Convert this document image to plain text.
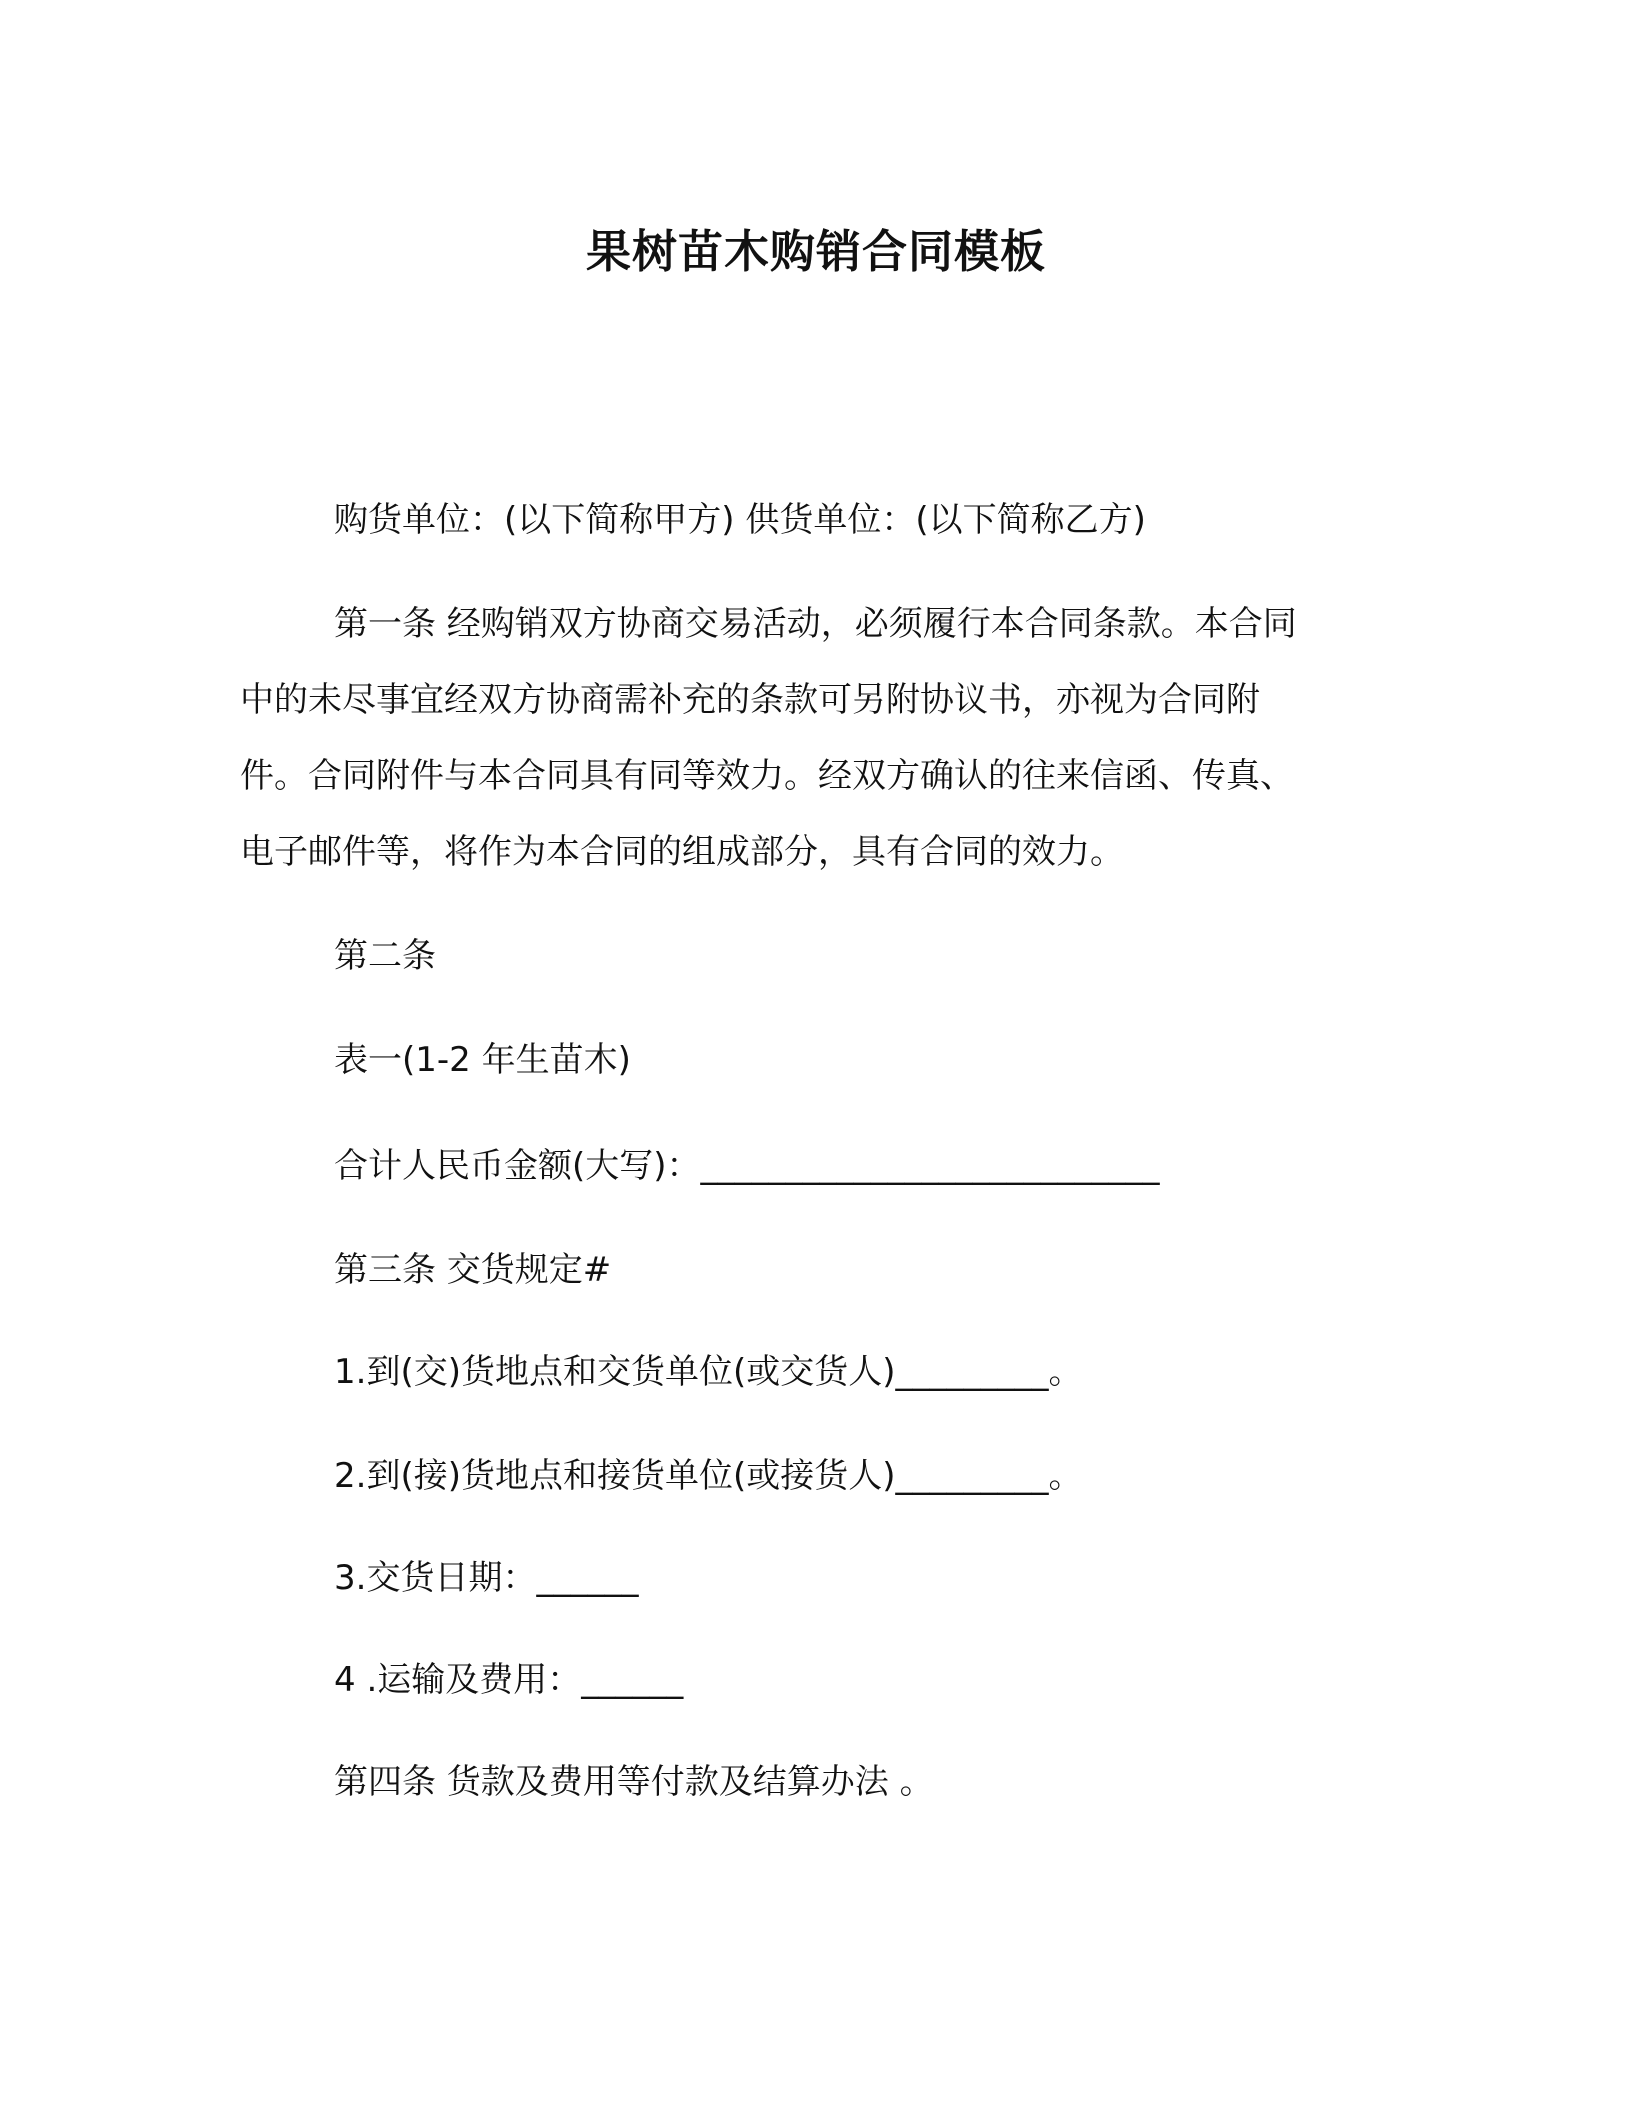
果树苗木购销合同模板

购货单位：(以下简称甲方) 供货单位：(以下简称乙方)

第一条 经购销双方协商交易活动，必须履行本合同条款。本合同
中的未尽事宜经双方协商需补充的条款可另附协议书，亦视为合同附
件。合同附件与本合同具有同等效力。经双方确认的往来信函、传真、
电子邮件等，将作为本合同的组成部分，具有合同的效力。

第二条

表一(1-2 年生苗木)

合计人民币金额(大写)：___________________________

第三条 交货规定#

1.到(交)货地点和交货单位(或交货人)_________。

2.到(接)货地点和接货单位(或接货人)_________。

3.交货日期：______

4 .运输及费用：______

第四条 货款及费用等付款及结算办法 。
